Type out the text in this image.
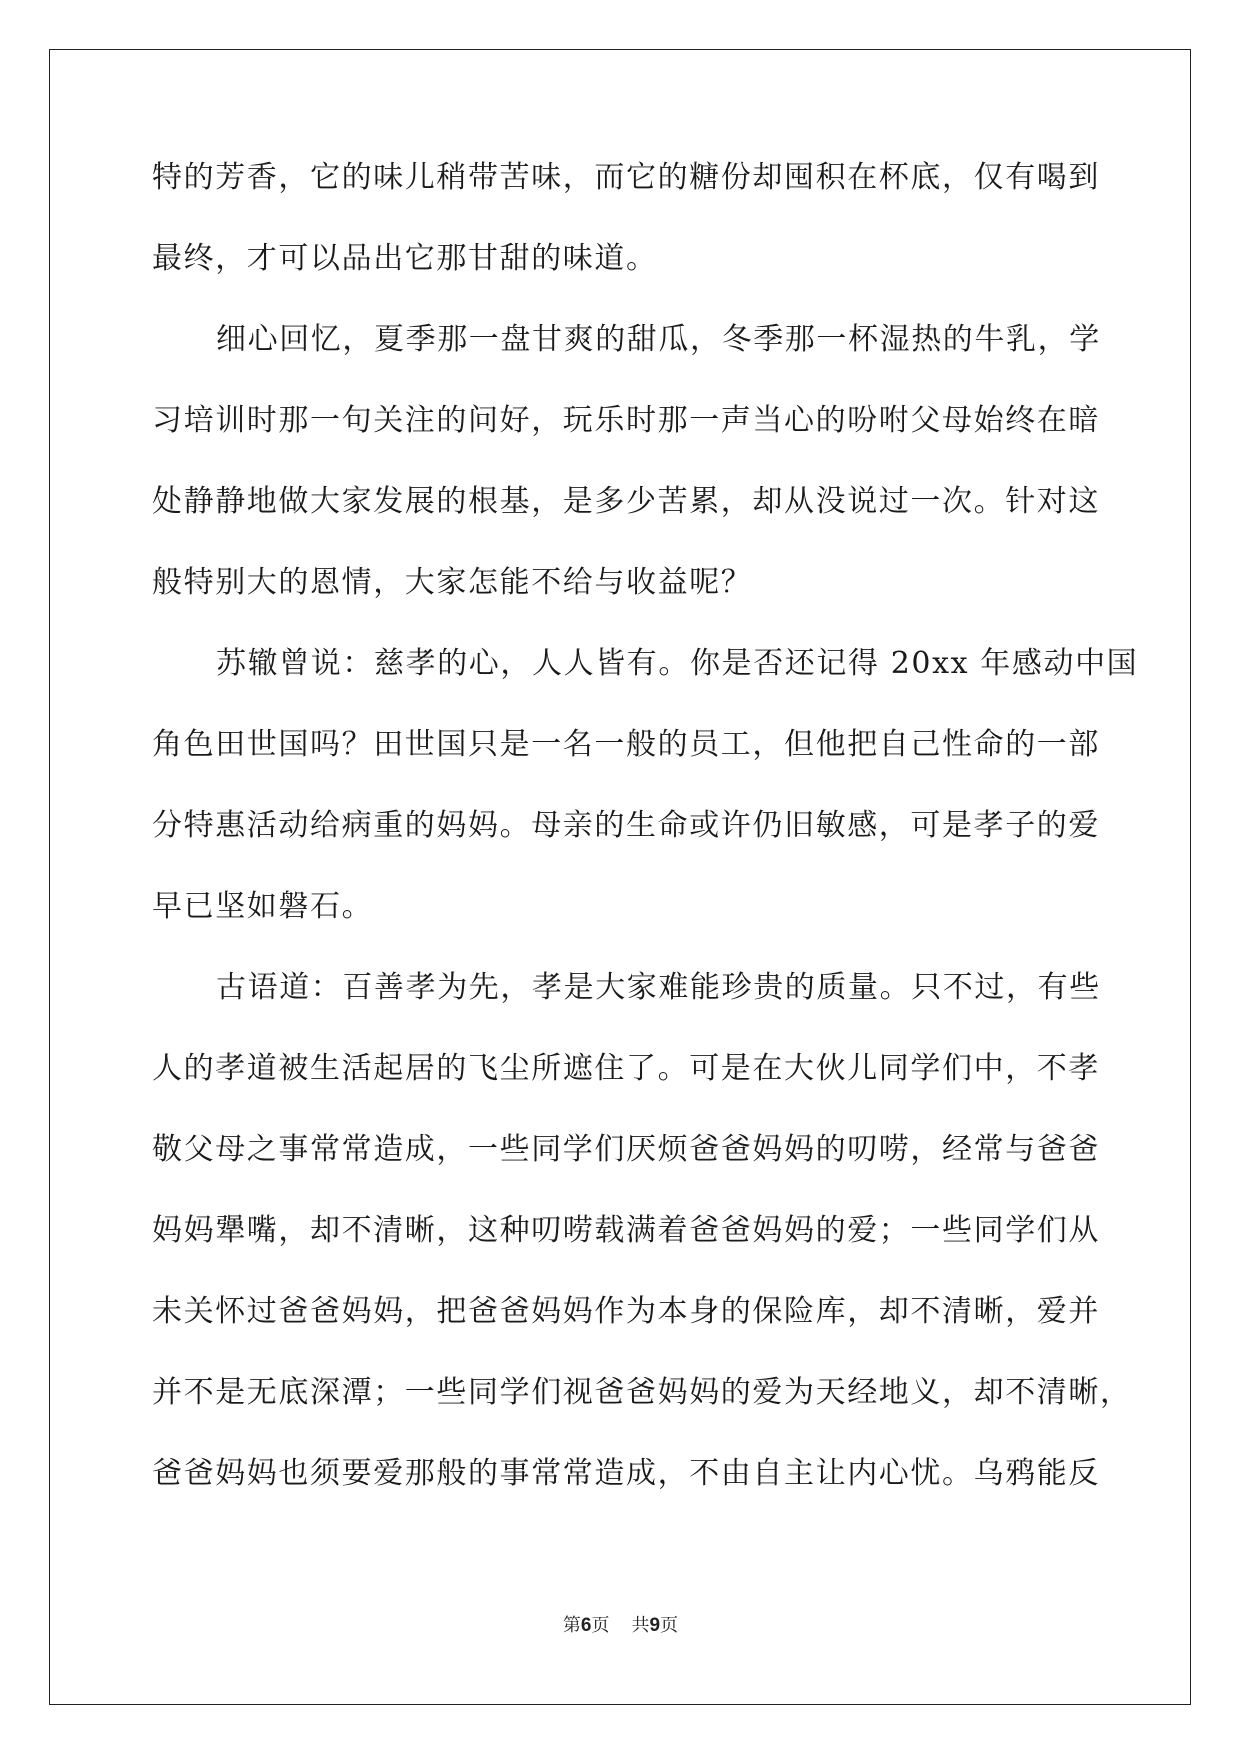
特的芳香，它的味儿稍带苦味，而它的糖份却囤积在杯底，仅有喝到
最终，才可以品出它那甘甜的味道。
细心回忆，夏季那一盘甘爽的甜瓜，冬季那一杯湿热的牛乳，学
习培训时那一句关注的问好，玩乐时那一声当心的吩咐父母始终在暗
处静静地做大家发展的根基，是多少苦累，却从没说过一次。针对这
般特别大的恩情，大家怎能不给与收益呢？
苏辙曾说：慈孝的心，人人皆有。你是否还记得 20xx 年感动中国
角色田世国吗？田世国只是一名一般的员工，但他把自己性命的一部
分特惠活动给病重的妈妈。母亲的生命或许仍旧敏感，可是孝子的爱
早已坚如磐石。
古语道：百善孝为先，孝是大家难能珍贵的质量。只不过，有些
人的孝道被生活起居的飞尘所遮住了。可是在大伙儿同学们中，不孝
敬父母之事常常造成，一些同学们厌烦爸爸妈妈的叨唠，经常与爸爸
妈妈犟嘴，却不清晰，这种叨唠载满着爸爸妈妈的爱；一些同学们从
未关怀过爸爸妈妈，把爸爸妈妈作为本身的保险库，却不清晰，爱并
并不是无底深潭；一些同学们视爸爸妈妈的爱为天经地义，却不清晰，
爸爸妈妈也须要爱那般的事常常造成，不由自主让内心忧。乌鸦能反
第6页 共9页
